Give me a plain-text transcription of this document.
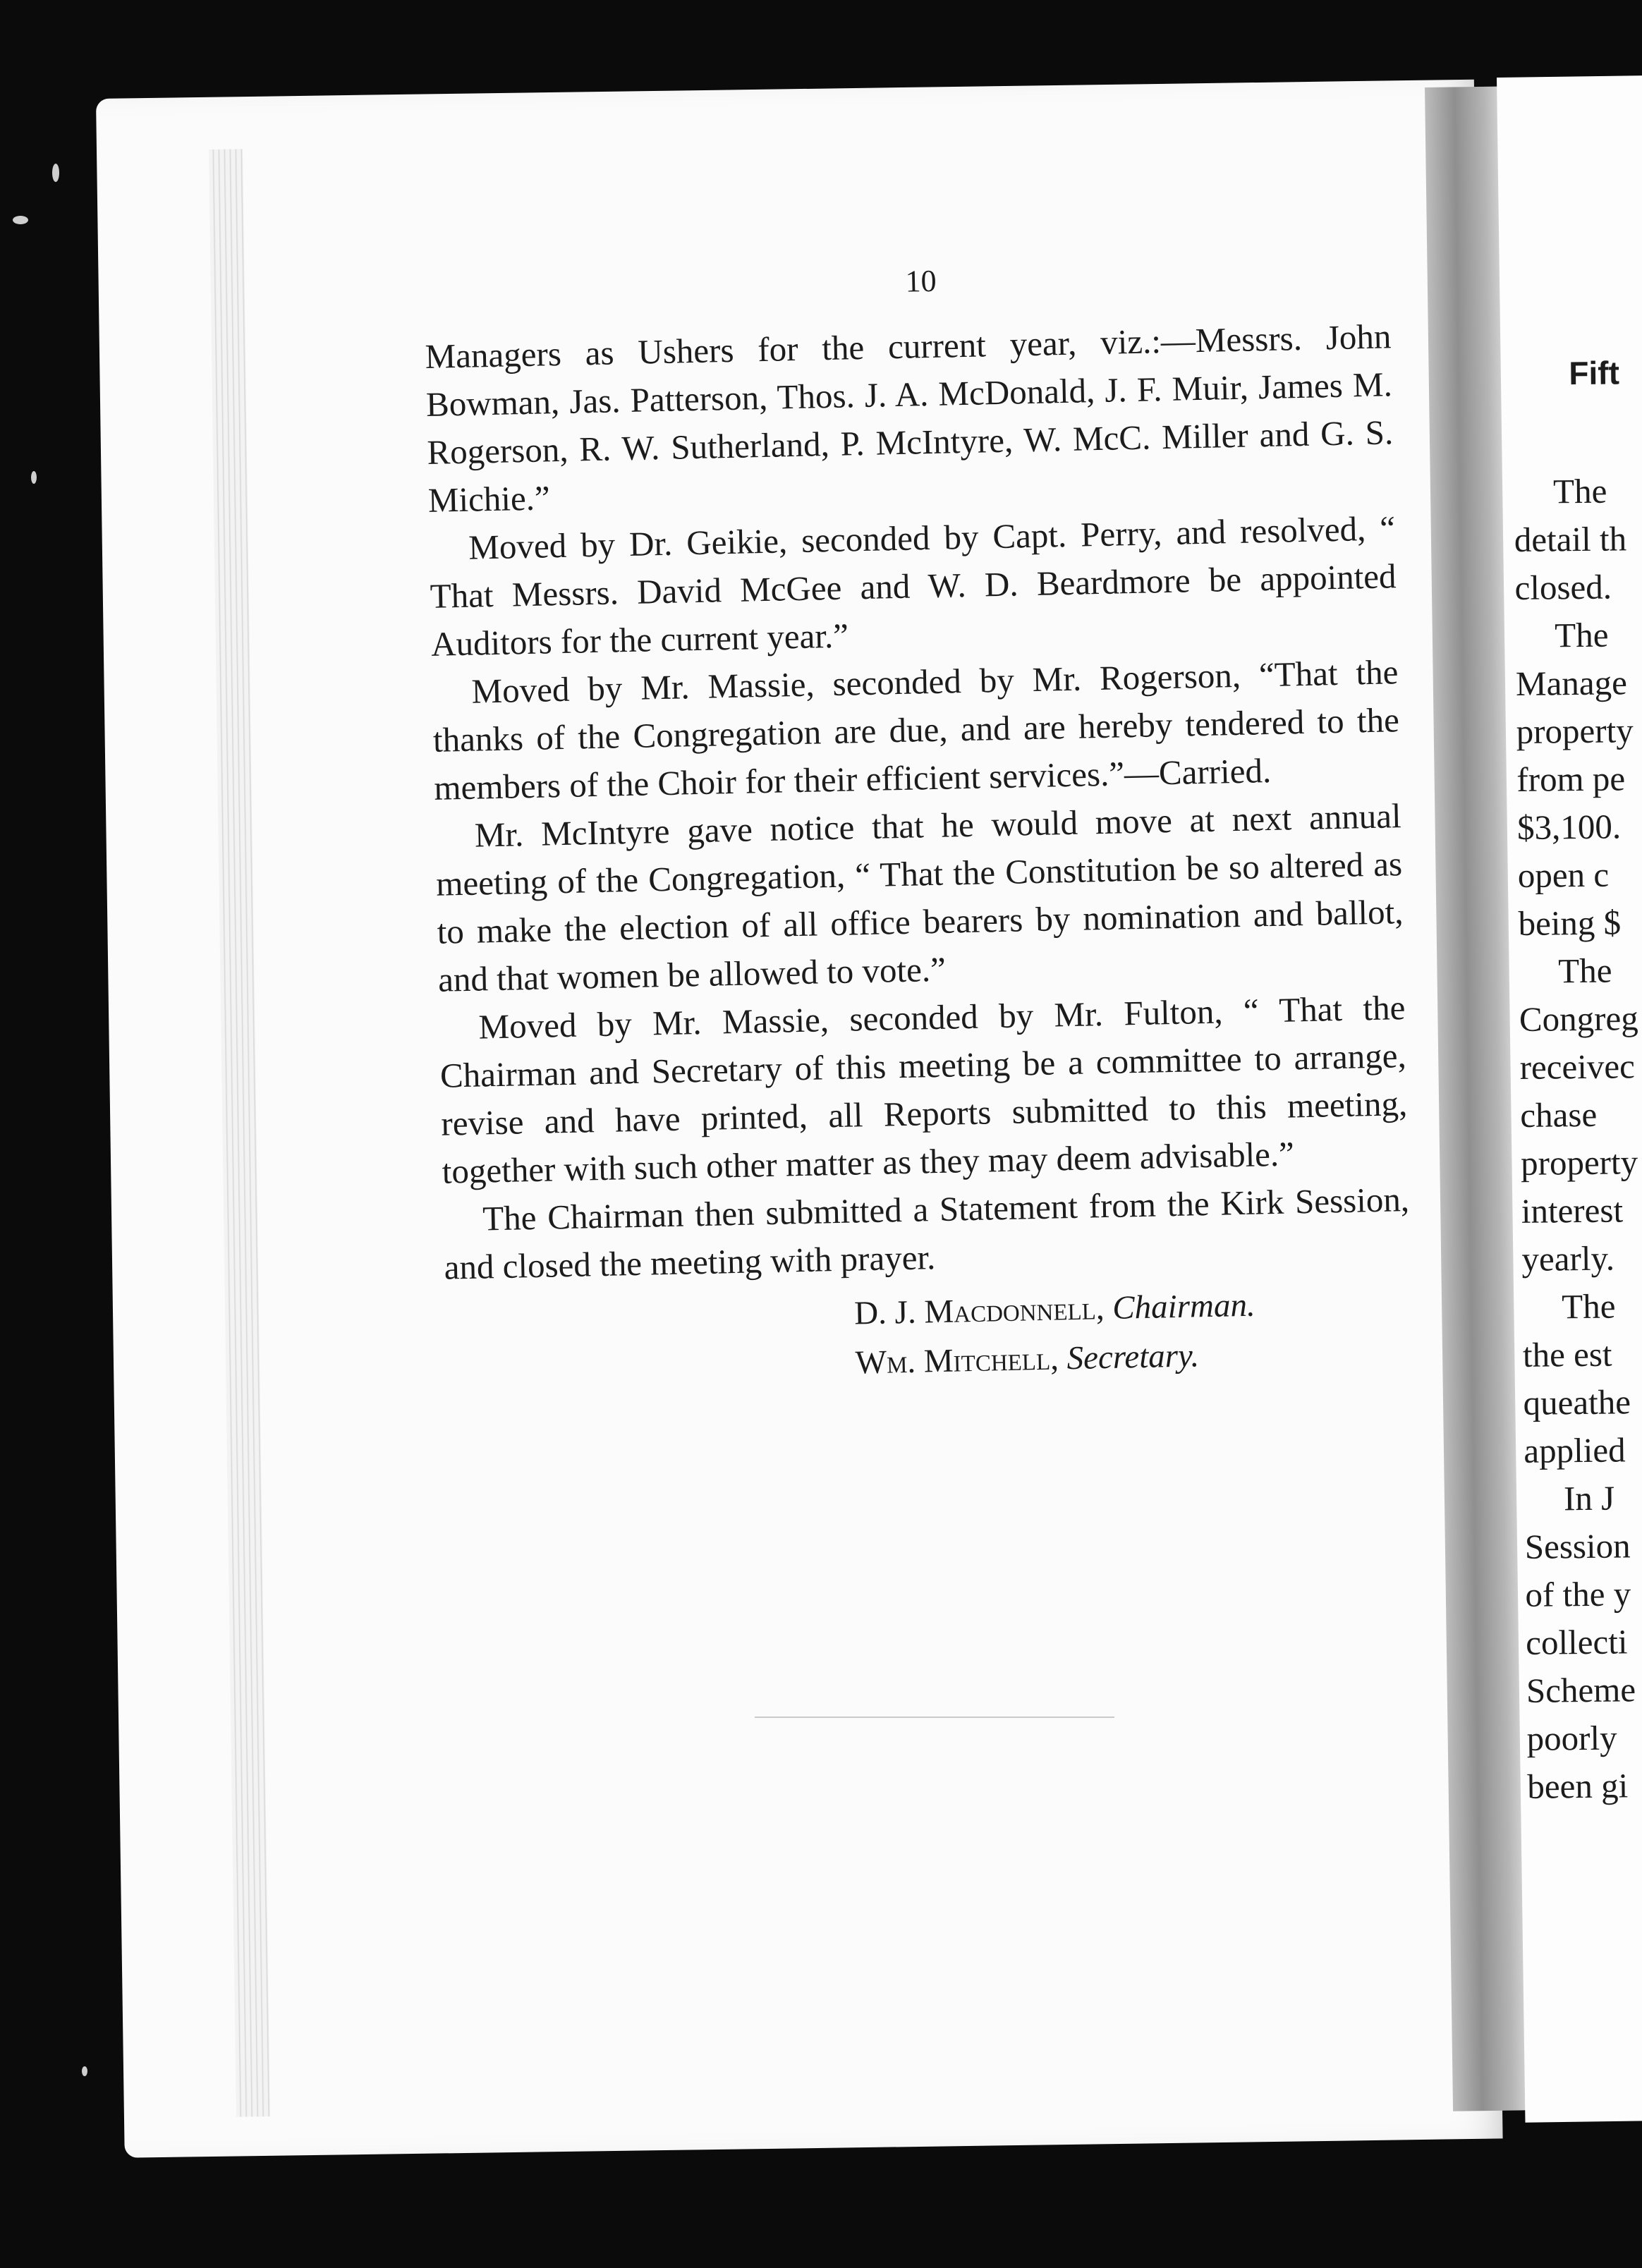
10

Managers as Ushers for the current year, viz.:—Messrs. John Bowman, Jas. Patterson, Thos. J. A. McDonald, J. F. Muir, James M. Rogerson, R. W. Sutherland, P. McIntyre, W. McC. Miller and G. S. Michie.”

Moved by Dr. Geikie, seconded by Capt. Perry, and resolved, “ That Messrs. David McGee and W. D. Beardmore be appointed Auditors for the current year.”

Moved by Mr. Massie, seconded by Mr. Rogerson, “That the thanks of the Congregation are due, and are hereby tendered to the members of the Choir for their efficient services.”—Carried.

Mr. McIntyre gave notice that he would move at next annual meeting of the Congregation, “ That the Constitution be so altered as to make the election of all office bearers by nomination and ballot, and that women be allowed to vote.”

Moved by Mr. Massie, seconded by Mr. Fulton, “ That the Chairman and Secretary of this meeting be a committee to arrange, revise and have printed, all Reports submitted to this meeting, together with such other matter as they may deem advisable.”

The Chairman then submitted a Statement from the Kirk Session, and closed the meeting with prayer.

D. J. Macdonnell, Chairman.
Wm. Mitchell, Secretary.
Fift
The
detail th
closed.
The
Manage
property
from pe
$3,100.
open c
being $
The
Congreg
receivec
chase
property
interest
yearly.
The
the est
queathe
applied
In J
Session
of the y
collecti
Scheme
poorly
been gi
